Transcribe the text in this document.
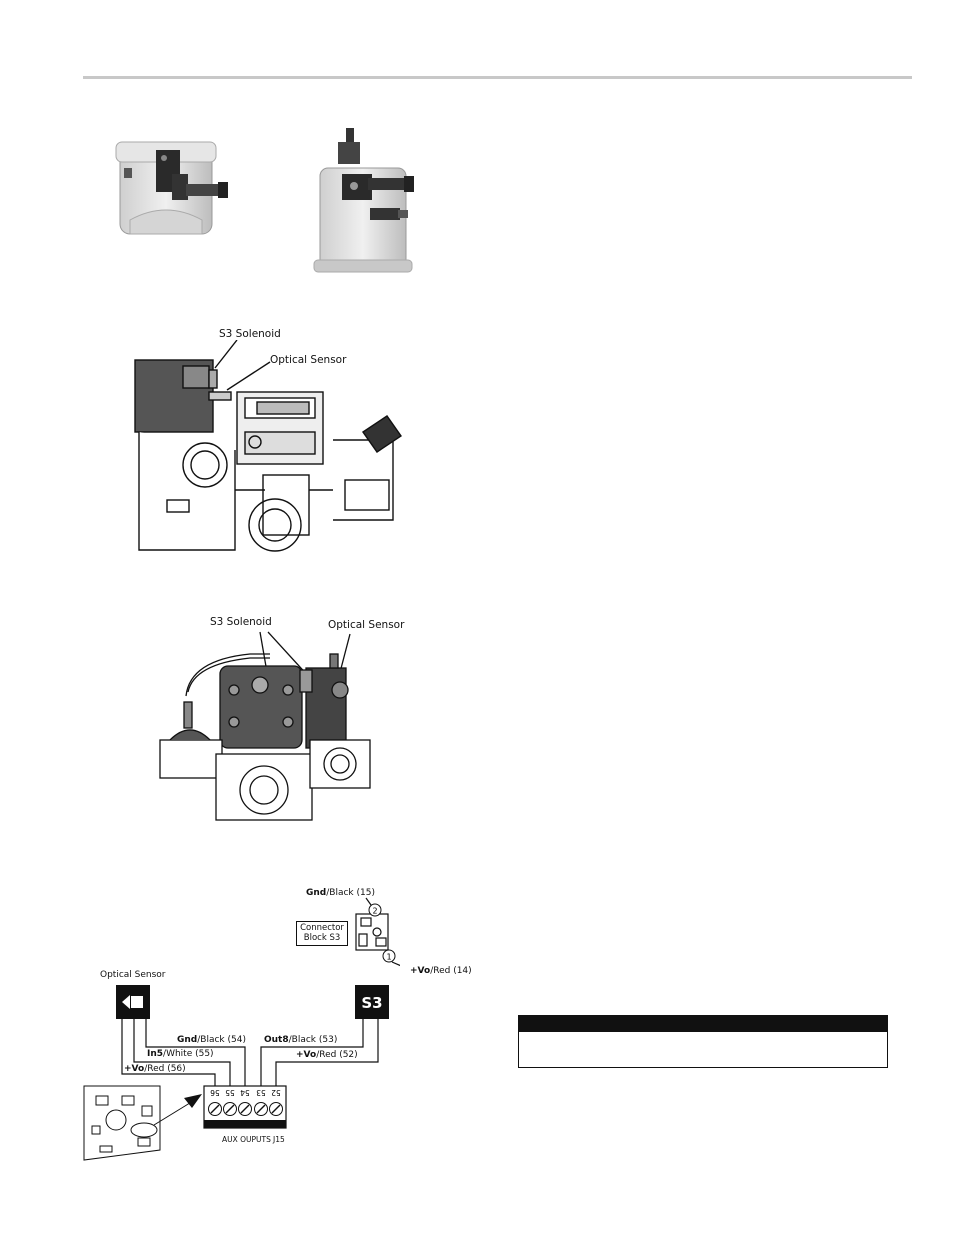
S3 Solenoid
Optical Sensor
S3 Solenoid	Optical Sensor
Gnd/Black (15)
+Vo/Red (14)
Connector
Block S3
Optical Sensor
Gnd/Black (54)
In5/White (55)
+Vo/Red (56)
Out8/Black (53)
+Vo/Red (52)
AUX OUPUTS J15
2
1
S3
56 55 54 53 52
